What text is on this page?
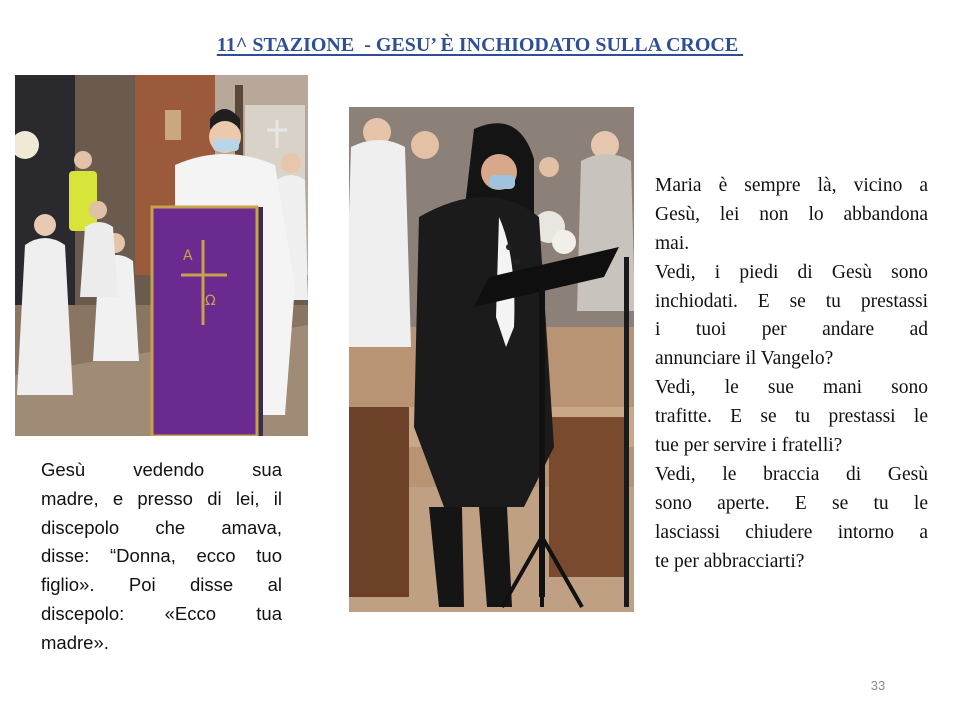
11^ STAZIONE  - GESU’ È INCHIODATO SULLA CROCE
Α
Ω
Gesù vedendo sua
madre, e presso di lei, il
discepolo che amava,
disse: “Donna, ecco tuo
figlio». Poi disse al
discepolo: «Ecco tua
madre».
Maria è sempre là, vicino a
Gesù, lei non lo abbandona
mai.
Vedi, i piedi di Gesù sono
inchiodati. E se tu prestassi
i tuoi per andare ad
annunciare il Vangelo?
Vedi, le sue mani sono
trafitte. E se tu prestassi le
tue per servire i fratelli?
Vedi, le braccia di Gesù
sono aperte. E se tu le
lasciassi chiudere intorno a
te per abbracciarti?
33
